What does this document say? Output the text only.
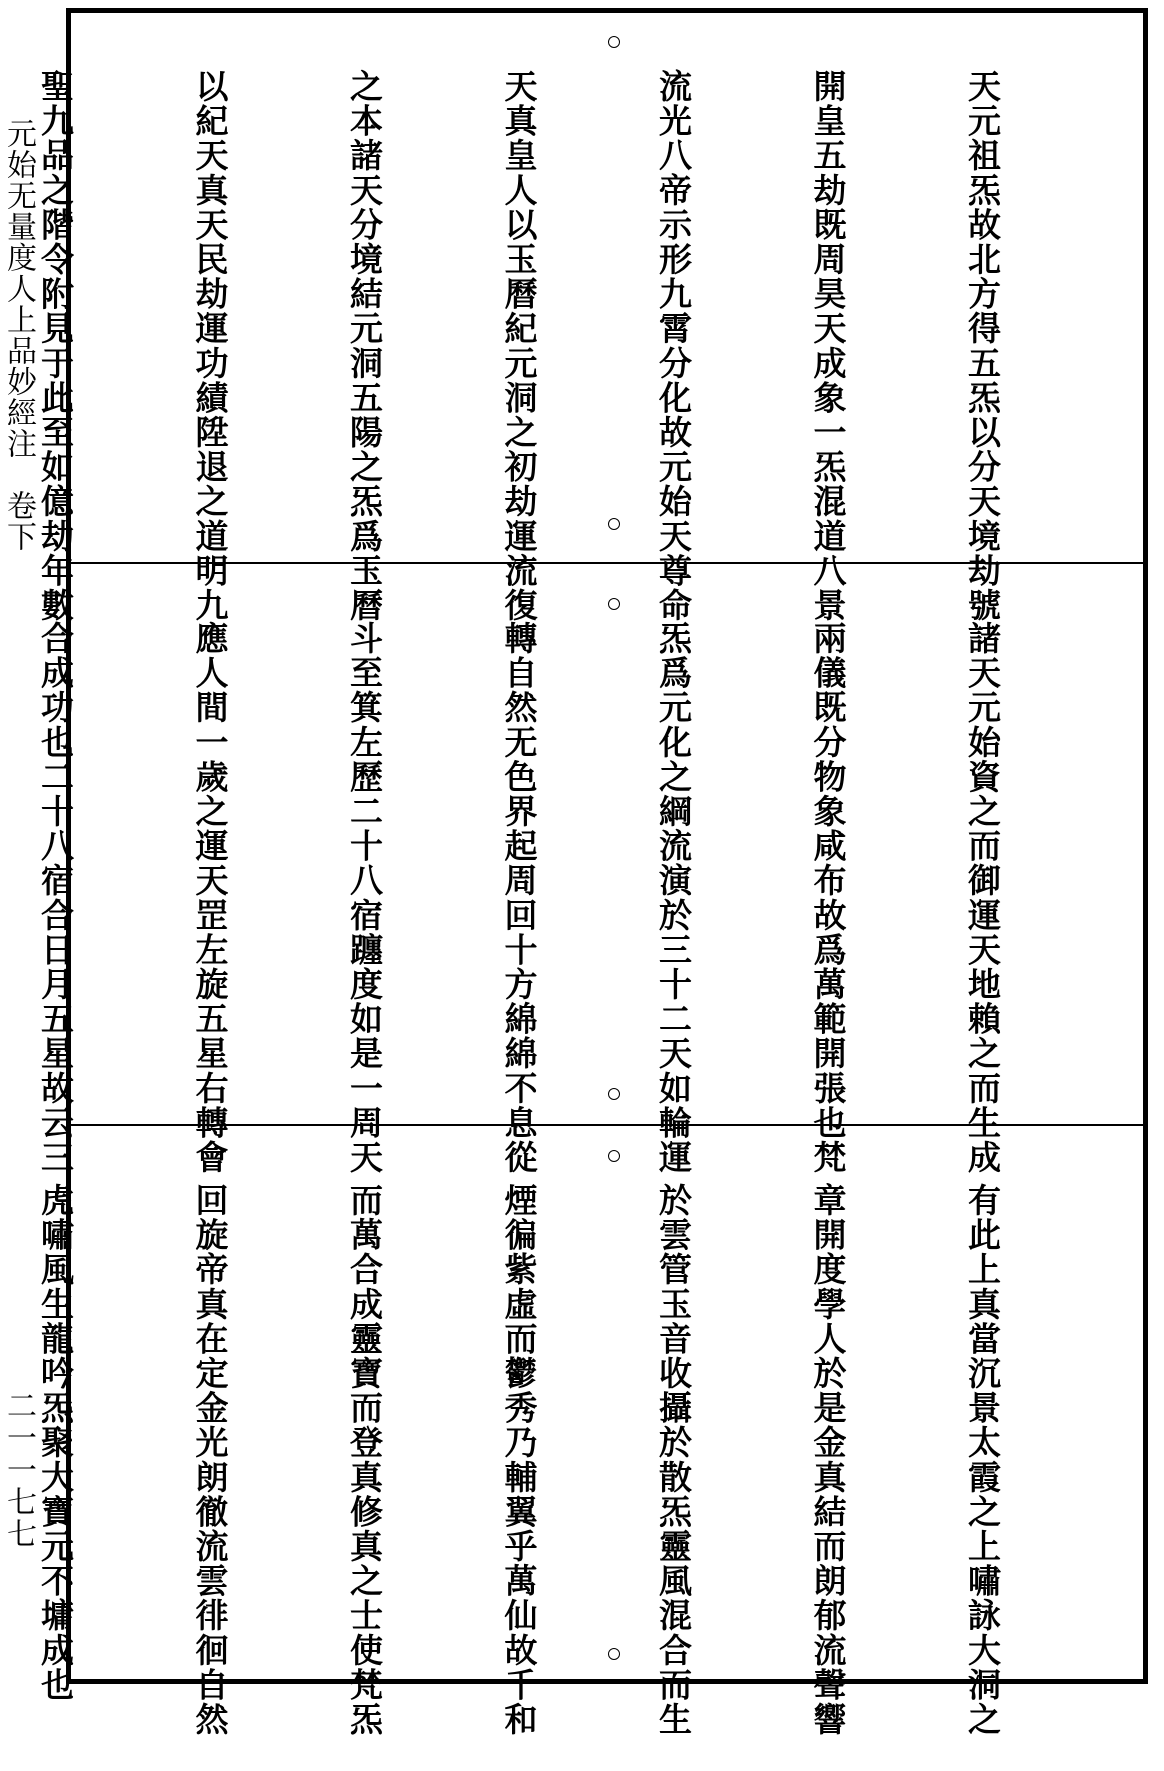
元始无量度人上品妙經注　卷下
二一一七七

天元祖炁故北方得五炁以分天境劫號

開皇五劫既周昊天成象一炁混道八景

流光八帝示形九霄分化故元始天尊命

天真皇人以玉曆紀元洞之初劫運流復

之本諸天分境結元洞五陽之炁爲玉曆

以紀天真天民劫運功績陞退之道明九

聖九品之階令附見于此至如億劫年數

諸天元始資之而御運天地賴之而生成

兩儀既分物象咸布故爲萬範開張也梵

炁爲元化之綱流演於三十二天如輪運

轉自然无色界起周回十方綿綿不息從

斗至箕左歷二十八宿躔度如是一周天

應人間一歲之運天罡左旋五星右轉會

合成功也二十八宿合日月五星故云三

有此上真當沉景太霞之上嘯詠大洞之

章開度學人於是金真結而朗郁流聲響

於雲管玉音收攝於散炁靈風混合而生

煙徧紫虛而鬱秀乃輔翼乎萬仙故千和

而萬合成靈寶而登真修真之士使梵炁

回旋帝真在定金光朗徹流雲徘徊自然

虎嘯風生龍吟炁聚大寶元不墉成也
